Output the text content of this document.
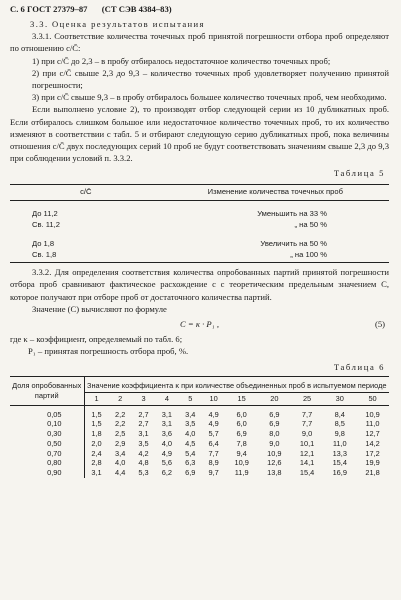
С. 6 ГОСТ 27379–87 (СТ СЭВ 4384–83)
3.3. Оценка результатов испытания

3.3.1. Соответствие количества точечных проб принятой погрешности отбора проб определяют по отношению c/C̄:

1) при c/C̄ до 2,3 – в пробу отбиралось недостаточное количество точечных проб;

2) при c/C̄ свыше 2,3 до 9,3 – количество точечных проб удовлетворяет получению принятой погрешности;

3) при c/C̄ свыше 9,3 – в пробу отбиралось большее количество точечных проб, чем необходимо.

Если выполнено условие 2), то производят отбор следующей серии из 10 дубликатных проб. Если отбиралось слишком большое или недостаточное количество точечных проб, то их количество изменяют в соответствии с табл. 5 и отбирают следующую серию дубликатных проб, пока величины отношения c/C̄ двух последующих серий 10 проб не будут соответствовать значениям свыше 2,3 до 9,3 при соблюдении условий п. 3.3.2.

Таблица 5
c/C̄	Изменение количества точечных проб

До 11,2	Уменьшить на 33 %
Св. 11,2	„ на 50 %

До 1,8	Увеличить на 50 %
Св. 1,8	„ на 100 %

3.3.2. Для определения соответствия количества опробованных партий принятой погрешности отбора проб сравнивают фактическое расхождение с с теоретическим предельным значением C, которое получают при отборе проб от достаточного количества партий.

Значение (C) вычисляют по формуле

C = κ · P₁ ,	(5)

где κ – коэффициент, определяемый по табл. 6;

P₁ – принятая погрешность отбора проб, %.

Таблица 6
Доля опробованных партий	Значение коэффициента κ при количестве объединенных проб в испытуемом периоде										
	1	2	3	4	5	10	15	20	25	30	50
0,05	1,5	2,2	2,7	3,1	3,4	4,9	6,0	6,9	7,7	8,4	10,9
0,10	1,5	2,2	2,7	3,1	3,5	4,9	6,0	6,9	7,7	8,5	11,0
0,30	1,8	2,5	3,1	3,6	4,0	5,7	6,9	8,0	9,0	9,8	12,7
0,50	2,0	2,9	3,5	4,0	4,5	6,4	7,8	9,0	10,1	11,0	14,2
0,70	2,4	3,4	4,2	4,9	5,4	7,7	9,4	10,9	12,1	13,3	17,2
0,80	2,8	4,0	4,8	5,6	6,3	8,9	10,9	12,6	14,1	15,4	19,9
0,90	3,1	4,4	5,3	6,2	6,9	9,7	11,9	13,8	15,4	16,9	21,8
